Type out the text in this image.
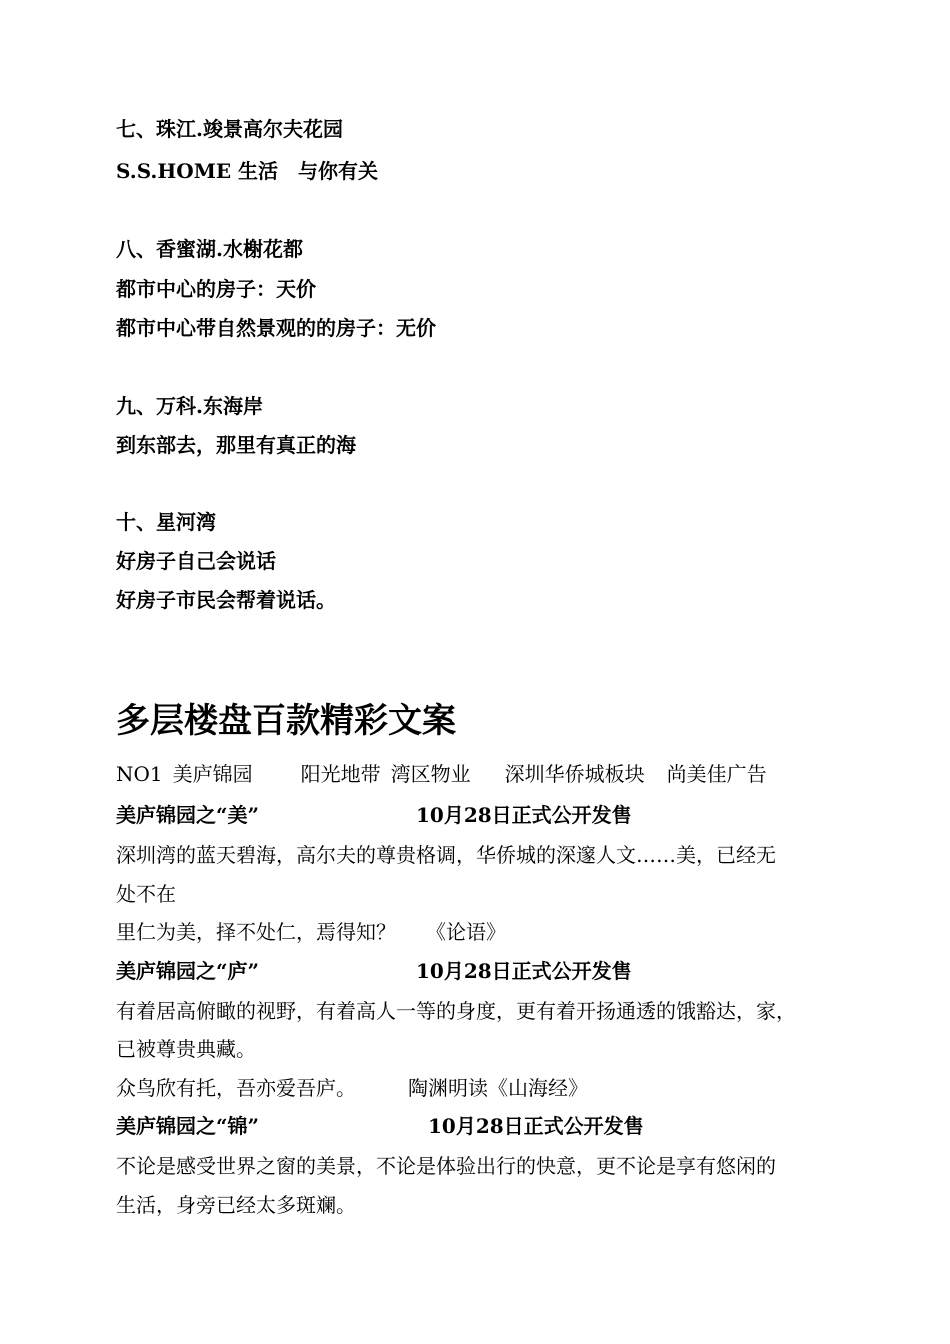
七、珠江.竣景高尔夫花园

S.S.HOME 生活　与你有关

八、香蜜湖.水榭花都

都市中心的房子：天价

都市中心带自然景观的的房子：无价

九、万科.东海岸

到东部去，那里有真正的海

十、星河湾

好房子自己会说话

好房子市民会帮着说话。

多层楼盘百款精彩文案

NO1 美庐锦园 阳光地带 湾区物业 深圳华侨城板块 尚美佳广告

美庐锦园之“美”	10月28日正式公开发售

深圳湾的蓝天碧海，高尔夫的尊贵格调，华侨城的深邃人文……美，已经无

处不在

里仁为美，择不处仁，焉得知？ 《论语》

美庐锦园之“庐”	10月28日正式公开发售

有着居高俯瞰的视野，有着高人一等的身度，更有着开扬通透的饿豁达，家，

已被尊贵典藏。

众鸟欣有托，吾亦爱吾庐。	陶渊明读《山海经》

美庐锦园之“锦”	10月28日正式公开发售

不论是感受世界之窗的美景，不论是体验出行的快意，更不论是享有悠闲的

生活，身旁已经太多斑斓。
